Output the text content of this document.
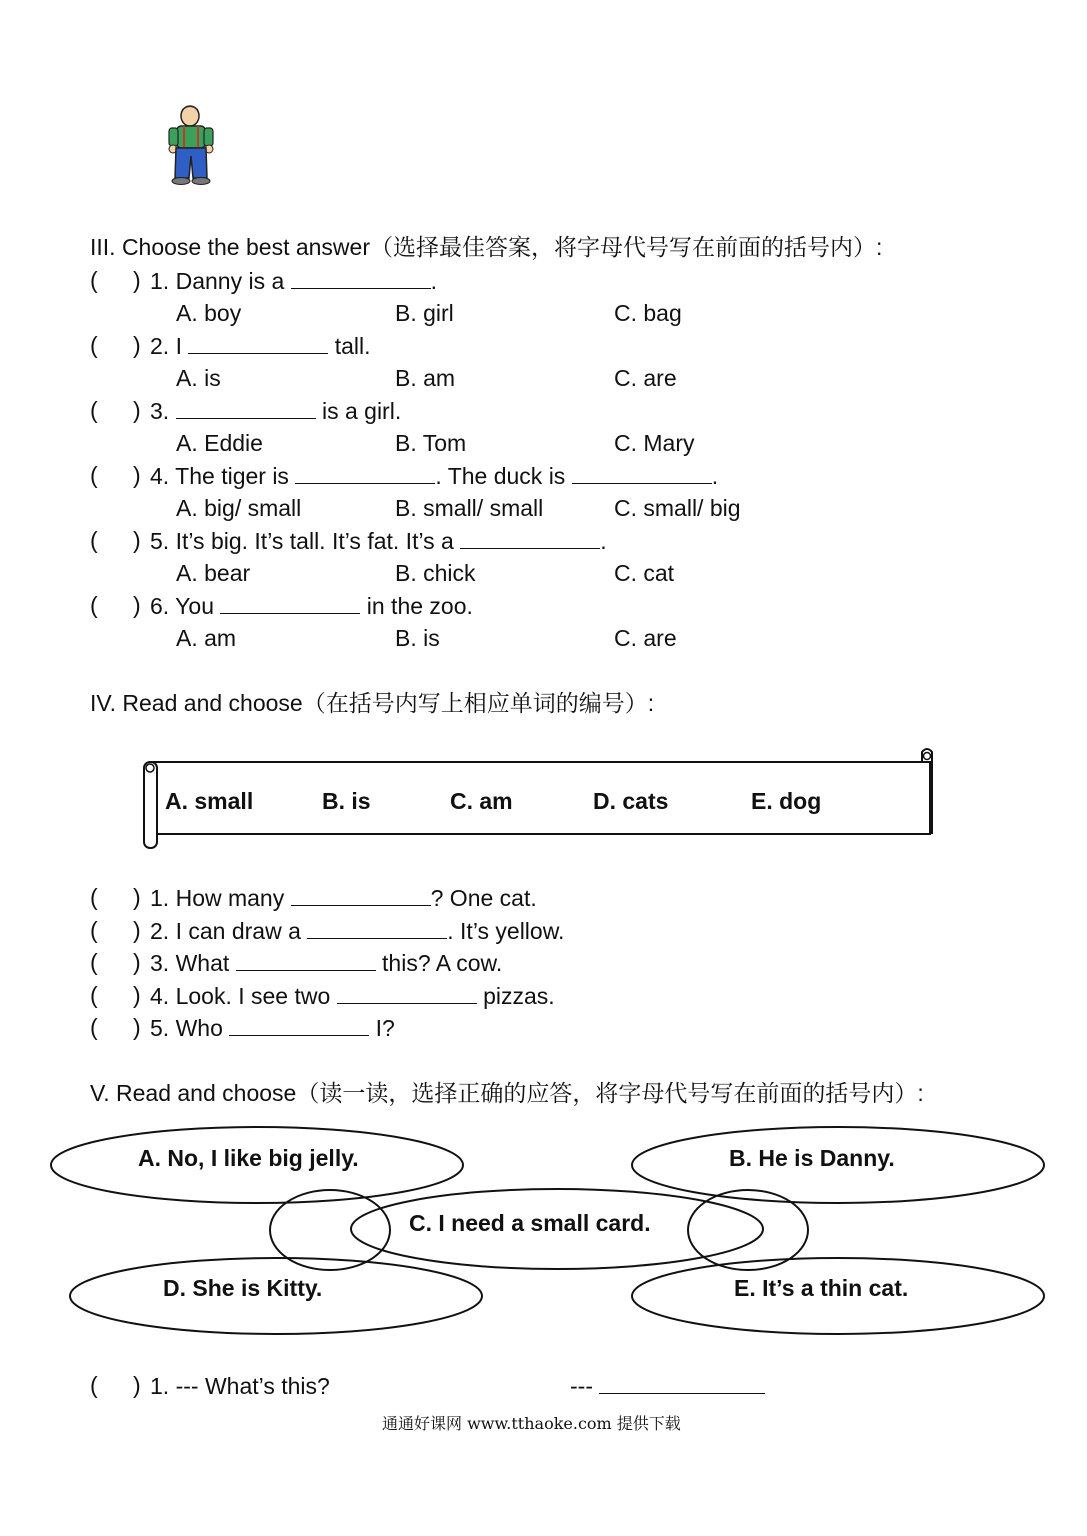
III. Choose the best answer（选择最佳答案，将字母代号写在前面的括号内）:
( ) 1. Danny is a	.
A. boy	B. girl	C. bag
( ) 2. I	tall.
A. is	B. am	C. are
( ) 3.	is a girl.
A. Eddie	B. Tom	C. Mary
( ) 4. The tiger is	. The duck is	.
A. big/ small	B. small/ small	C. small/ big
( ) 5. It’s big. It’s tall. It’s fat. It’s a	.
A. bear	B. chick	C. cat
( ) 6. You	in the zoo.
A. am	B. is	C. are
IV. Read and choose（在括号内写上相应单词的编号）:
A. small	B. is	C. am	D. cats	E. dog
( ) 1. How many	? One cat.
( ) 2. I can draw a	. It’s yellow.
( ) 3. What	this? A cow.
( ) 4. Look. I see two	pizzas.
( ) 5. Who	I?
V. Read and choose（读一读，选择正确的应答，将字母代号写在前面的括号内）:
A. No, I like big jelly.	B. He is Danny.
C. I need a small card.
D. She is Kitty.	E. It’s a thin cat.
( ) 1. --- What’s this?	---
通通好课网 www.tthaoke.com 提供下载
